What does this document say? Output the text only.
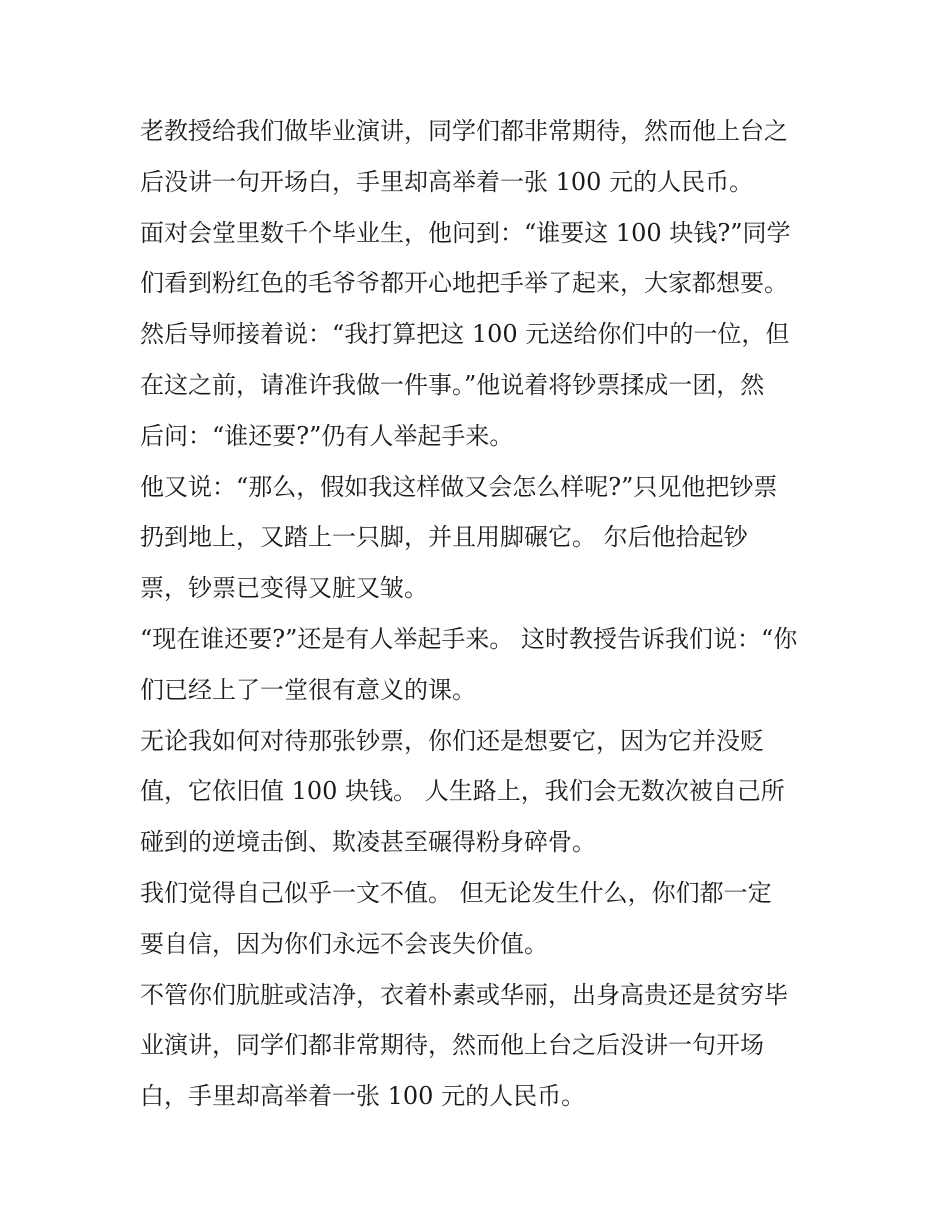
老教授给我们做毕业演讲，同学们都非常期待，然而他上台之
后没讲一句开场白，手里却高举着一张 100 元的人民币。
面对会堂里数千个毕业生，他问到：“谁要这 100 块钱?”同学
们看到粉红色的毛爷爷都开心地把手举了起来，大家都想要。
然后导师接着说：“我打算把这 100 元送给你们中的一位，但
在这之前，请准许我做一件事。”他说着将钞票揉成一团，然
后问：“谁还要?”仍有人举起手来。
他又说：“那么，假如我这样做又会怎么样呢?”只见他把钞票
扔到地上，又踏上一只脚，并且用脚碾它。 尔后他拾起钞
票，钞票已变得又脏又皱。
“现在谁还要?”还是有人举起手来。 这时教授告诉我们说：“你
们已经上了一堂很有意义的课。
无论我如何对待那张钞票，你们还是想要它，因为它并没贬
值，它依旧值 100 块钱。 人生路上，我们会无数次被自己所
碰到的逆境击倒、欺凌甚至碾得粉身碎骨。
我们觉得自己似乎一文不值。 但无论发生什么，你们都一定
要自信，因为你们永远不会丧失价值。
不管你们肮脏或洁净，衣着朴素或华丽，出身高贵还是贫穷毕
业演讲，同学们都非常期待，然而他上台之后没讲一句开场
白，手里却高举着一张 100 元的人民币。
